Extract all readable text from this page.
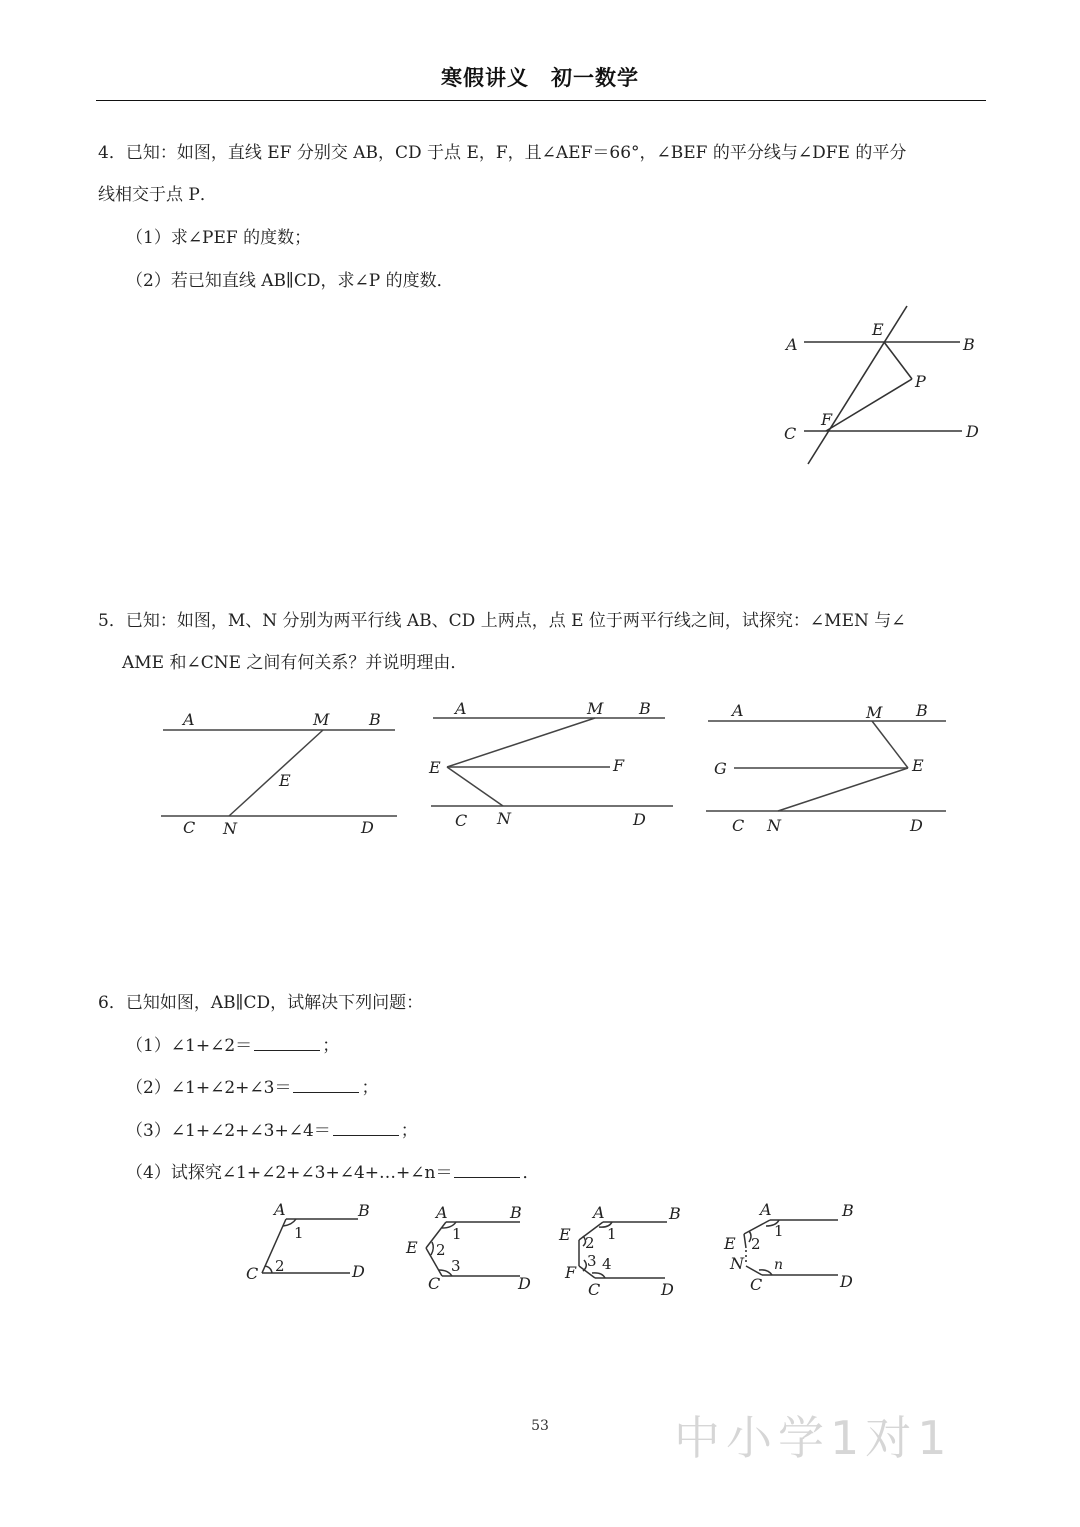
寒假讲义　初一数学
4．已知：如图，直线 EF 分别交 AB，CD 于点 E，F，且∠AEF＝66°，∠BEF 的平分线与∠DFE 的平分
线相交于点 P．
（1）求∠PEF 的度数；
（2）若已知直线 AB∥CD，求∠P 的度数．
A	B
C	D
E
F
P
5．已知：如图，M、N 分别为两平行线 AB、CD 上两点，点 E 位于两平行线之间，试探究：∠MEN 与∠
AME 和∠CNE 之间有何关系？并说明理由．
A	M B
E
C N	D
A	M B
E	F
C N	D
A	M B
G	E
C N	D
6．已知如图，AB∥CD，试解决下列问题：
（1）∠1+∠2＝	；
（2）∠1+∠2+∠3＝	；
（3）∠1+∠2+∠3+∠4＝	；
（4）试探究∠1+∠2+∠3+∠4+…+∠n＝	．
A	B
C	D
1
2
A	B
E
C	D
1
2
3
A	B
E
F
C	D
1
2
3 4
A	B
E
N
C	D
1
2
n
53	中小学1对1
